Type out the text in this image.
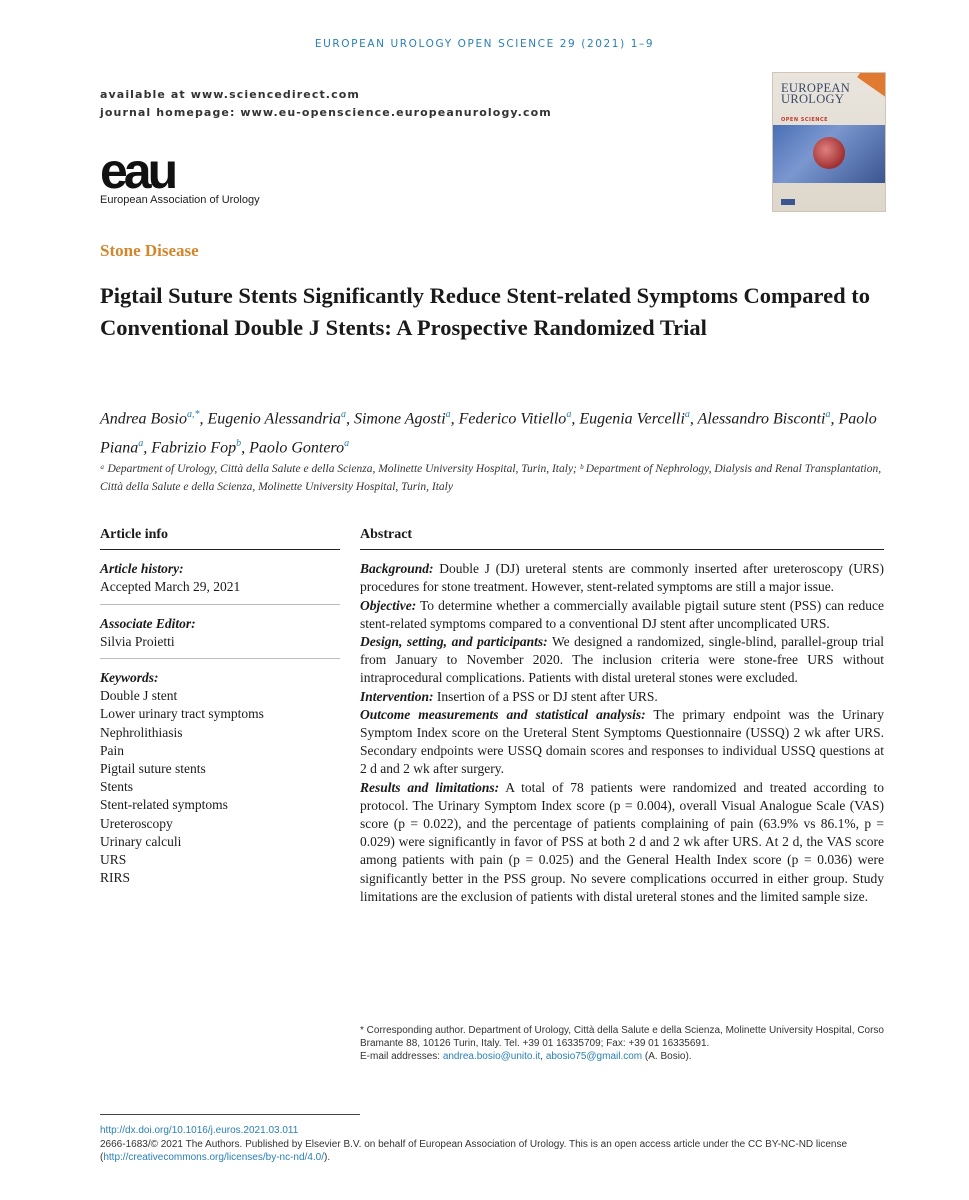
EUROPEAN UROLOGY OPEN SCIENCE 29 (2021) 1–9
available at www.sciencedirect.com
journal homepage: www.eu-openscience.europeanurology.com
eau
European Association of Urology
EUROPEAN
UROLOGY
OPEN SCIENCE
Stone Disease
Pigtail Suture Stents Significantly Reduce Stent-related Symptoms Compared to Conventional Double J Stents: A Prospective Randomized Trial
Andrea Bosio$^{a,*}$, Eugenio Alessandria$^a$, Simone Agosti$^a$, Federico Vitiello$^a$, Eugenia Vercelli$^a$, Alessandro Bisconti$^a$, Paolo Piana$^a$, Fabrizio Fop$^b$, Paolo Gontero$^a$
ᵃ Department of Urology, Città della Salute e della Scienza, Molinette University Hospital, Turin, Italy; ᵇ Department of Nephrology, Dialysis and Renal Transplantation, Città della Salute e della Scienza, Molinette University Hospital, Turin, Italy
Article info
Article history:
Accepted March 29, 2021
Associate Editor:
Silvia Proietti
Keywords:
Double J stent
Lower urinary tract symptoms
Nephrolithiasis
Pain
Pigtail suture stents
Stents
Stent-related symptoms
Ureteroscopy
Urinary calculi
URS
RIRS
Abstract

Background: Double J (DJ) ureteral stents are commonly inserted after ureteroscopy (URS) procedures for stone treatment. However, stent-related symptoms are still a major issue.

Objective: To determine whether a commercially available pigtail suture stent (PSS) can reduce stent-related symptoms compared to a conventional DJ stent after uncomplicated URS.

Design, setting, and participants: We designed a randomized, single-blind, parallel-group trial from January to November 2020. The inclusion criteria were stone-free URS without intraprocedural complications. Patients with distal ureteral stones were excluded.

Intervention: Insertion of a PSS or DJ stent after URS.

Outcome measurements and statistical analysis: The primary endpoint was the Urinary Symptom Index score on the Ureteral Stent Symptoms Questionnaire (USSQ) 2 wk after URS. Secondary endpoints were USSQ domain scores and responses to individual USSQ questions at 2 d and 2 wk after surgery.

Results and limitations: A total of 78 patients were randomized and treated according to protocol. The Urinary Symptom Index score (p = 0.004), overall Visual Analogue Scale (VAS) score (p = 0.022), and the percentage of patients complaining of pain (63.9% vs 86.1%, p = 0.029) were significantly in favor of PSS at both 2 d and 2 wk after URS. At 2 d, the VAS score among patients with pain (p = 0.025) and the General Health Index score (p = 0.036) were significantly better in the PSS group. No severe complications occurred in either group. Study limitations are the exclusion of patients with distal ureteral stones and the limited sample size.

* Corresponding author. Department of Urology, Città della Salute e della Scienza, Molinette University Hospital, Corso Bramante 88, 10126 Turin, Italy. Tel. +39 01 16335709; Fax: +39 01 16335691.
E-mail addresses: andrea.bosio@unito.it, abosio75@gmail.com (A. Bosio).
http://dx.doi.org/10.1016/j.euros.2021.03.011
2666-1683/© 2021 The Authors. Published by Elsevier B.V. on behalf of European Association of Urology. This is an open access article under the CC BY-NC-ND license (http://creativecommons.org/licenses/by-nc-nd/4.0/).
